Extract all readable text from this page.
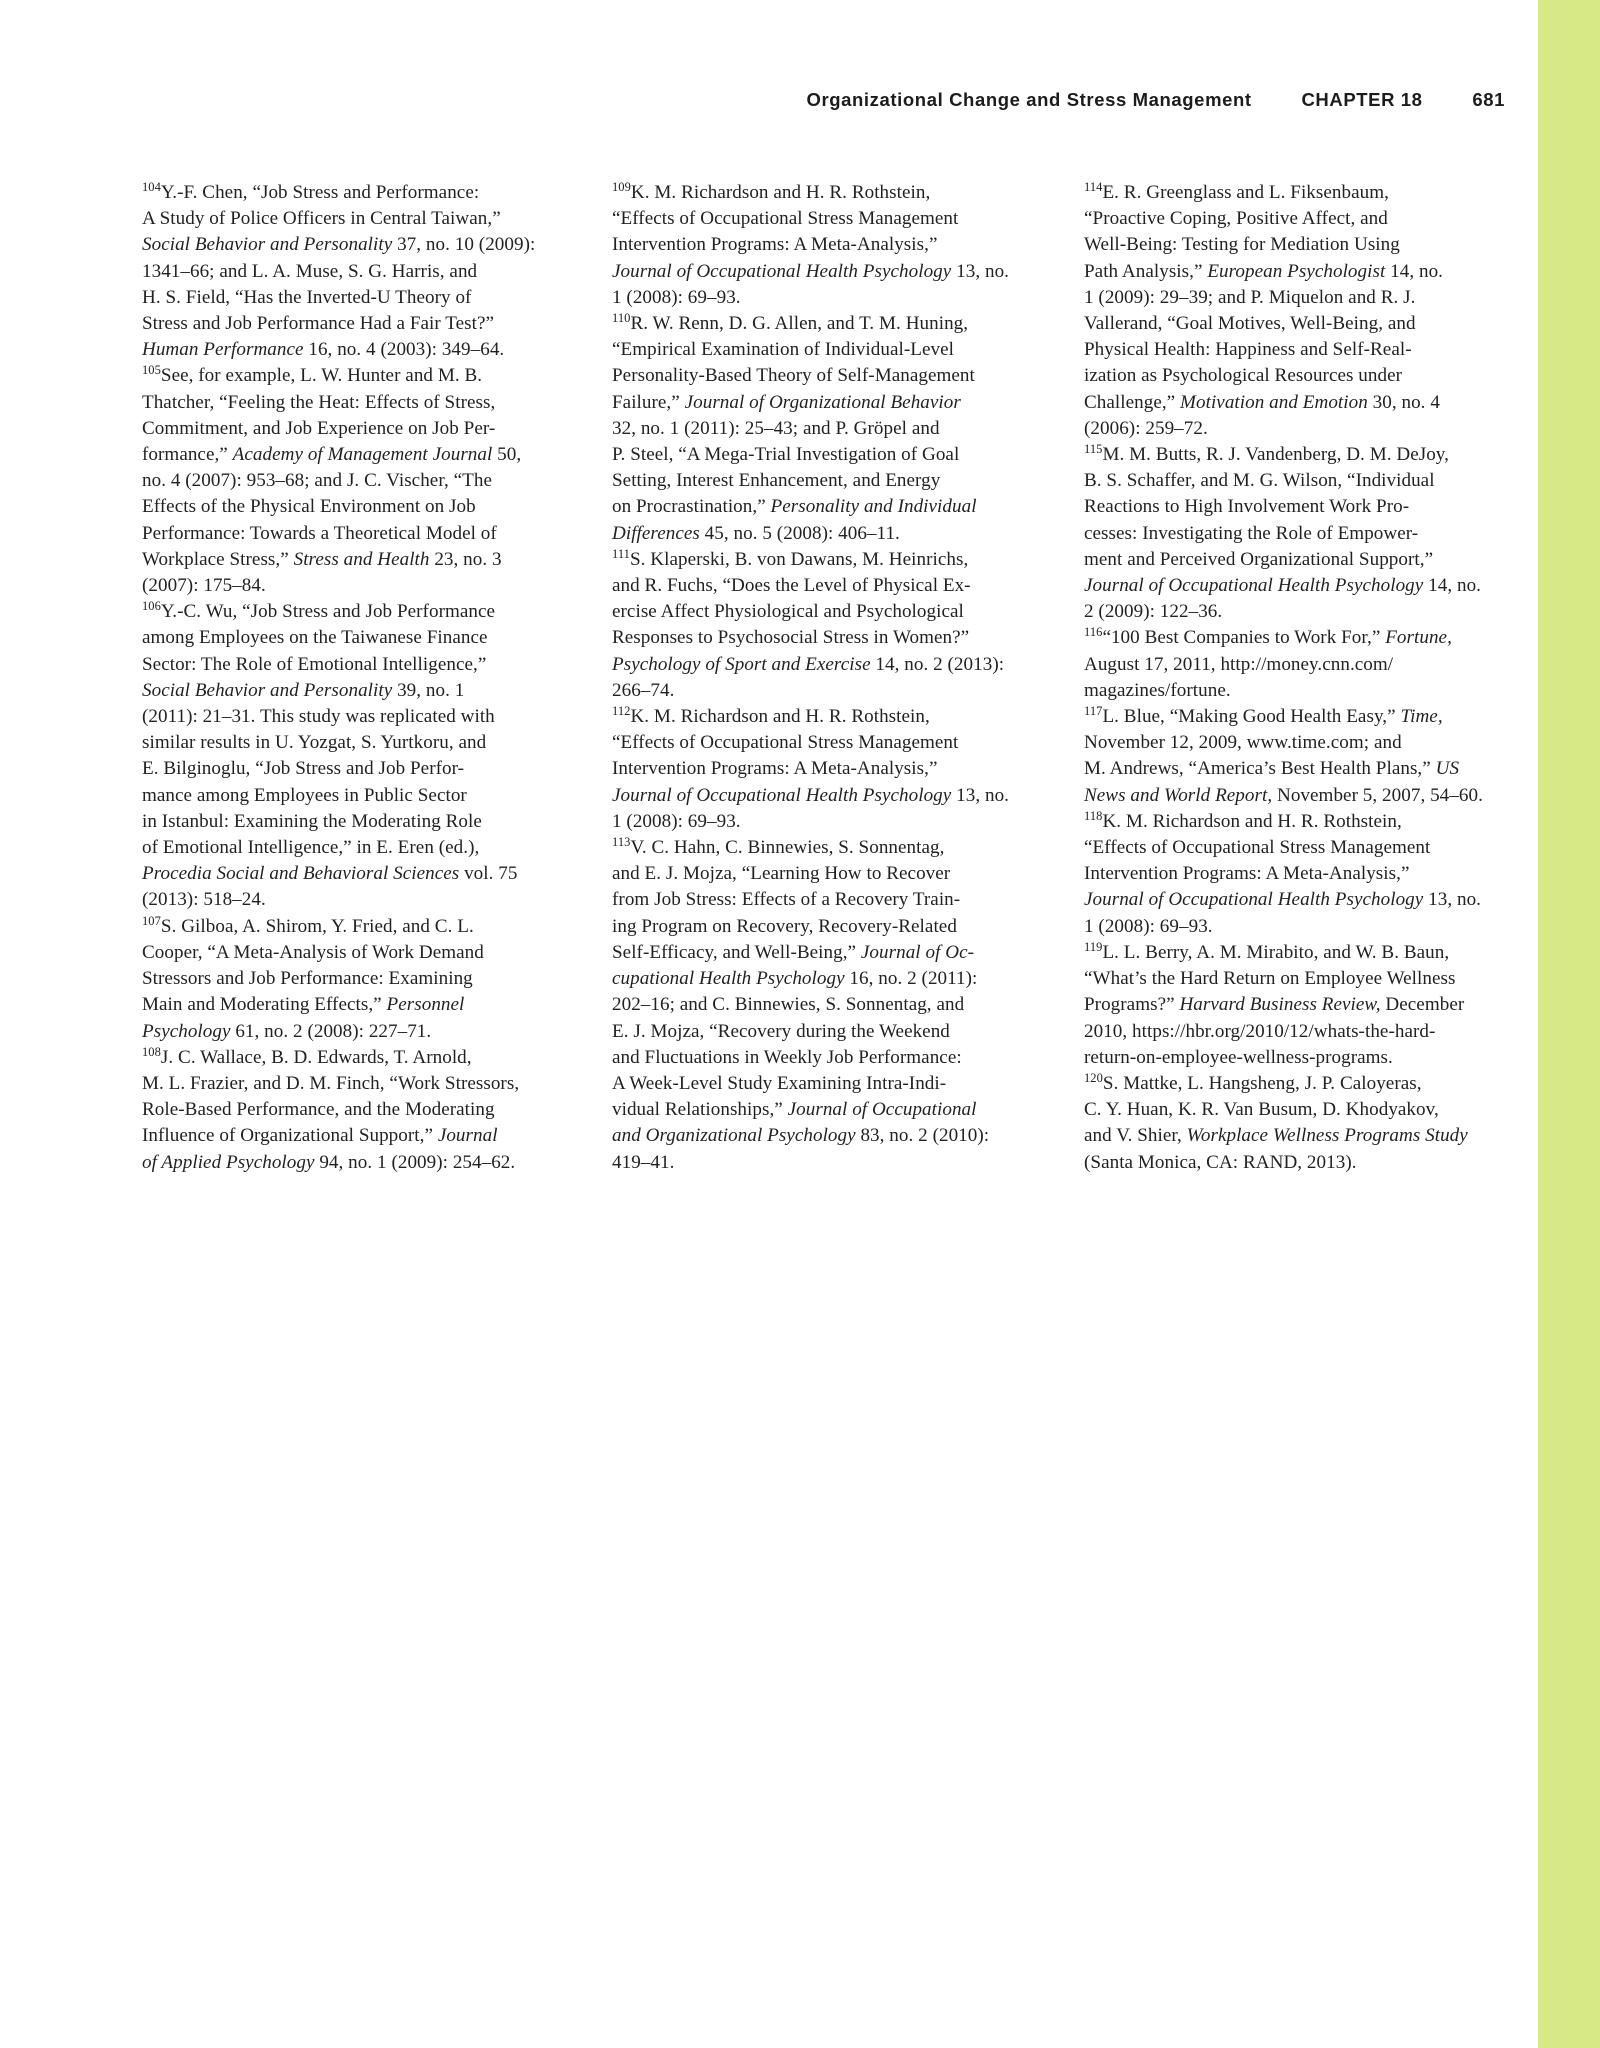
Organizational Change and Stress Management	CHAPTER 18	681
$^{104}$Y.-F. Chen, “Job Stress and Performance:
A Study of Police Officers in Central Taiwan,”
Social Behavior and Personality 37, no. 10 (2009):
1341–66; and L. A. Muse, S. G. Harris, and
H. S. Field, “Has the Inverted-U Theory of
Stress and Job Performance Had a Fair Test?”
Human Performance 16, no. 4 (2003): 349–64.
$^{105}$See, for example, L. W. Hunter and M. B.
Thatcher, “Feeling the Heat: Effects of Stress,
Commitment, and Job Experience on Job Per-
formance,” Academy of Management Journal 50,
no. 4 (2007): 953–68; and J. C. Vischer, “The
Effects of the Physical Environment on Job
Performance: Towards a Theoretical Model of
Workplace Stress,” Stress and Health 23, no. 3
(2007): 175–84.
$^{106}$Y.-C. Wu, “Job Stress and Job Performance
among Employees on the Taiwanese Finance
Sector: The Role of Emotional Intelligence,”
Social Behavior and Personality 39, no. 1
(2011): 21–31. This study was replicated with
similar results in U. Yozgat, S. Yurtkoru, and
E. Bilginoglu, “Job Stress and Job Perfor-
mance among Employees in Public Sector
in Istanbul: Examining the Moderating Role
of Emotional Intelligence,” in E. Eren (ed.),
Procedia Social and Behavioral Sciences vol. 75
(2013): 518–24.
$^{107}$S. Gilboa, A. Shirom, Y. Fried, and C. L.
Cooper, “A Meta-Analysis of Work Demand
Stressors and Job Performance: Examining
Main and Moderating Effects,” Personnel
Psychology 61, no. 2 (2008): 227–71.
$^{108}$J. C. Wallace, B. D. Edwards, T. Arnold,
M. L. Frazier, and D. M. Finch, “Work Stressors,
Role-Based Performance, and the Moderating
Influence of Organizational Support,” Journal
of Applied Psychology 94, no. 1 (2009): 254–62.
$^{109}$K. M. Richardson and H. R. Rothstein,
“Effects of Occupational Stress Management
Intervention Programs: A Meta-Analysis,”
Journal of Occupational Health Psychology 13, no.
1 (2008): 69–93.
$^{110}$R. W. Renn, D. G. Allen, and T. M. Huning,
“Empirical Examination of Individual-Level
Personality-Based Theory of Self-Management
Failure,” Journal of Organizational Behavior
32, no. 1 (2011): 25–43; and P. Gröpel and
P. Steel, “A Mega-Trial Investigation of Goal
Setting, Interest Enhancement, and Energy
on Procrastination,” Personality and Individual
Differences 45, no. 5 (2008): 406–11.
$^{111}$S. Klaperski, B. von Dawans, M. Heinrichs,
and R. Fuchs, “Does the Level of Physical Ex-
ercise Affect Physiological and Psychological
Responses to Psychosocial Stress in Women?”
Psychology of Sport and Exercise 14, no. 2 (2013):
266–74.
$^{112}$K. M. Richardson and H. R. Rothstein,
“Effects of Occupational Stress Management
Intervention Programs: A Meta-Analysis,”
Journal of Occupational Health Psychology 13, no.
1 (2008): 69–93.
$^{113}$V. C. Hahn, C. Binnewies, S. Sonnentag,
and E. J. Mojza, “Learning How to Recover
from Job Stress: Effects of a Recovery Train-
ing Program on Recovery, Recovery-Related
Self-Efficacy, and Well-Being,” Journal of Oc-
cupational Health Psychology 16, no. 2 (2011):
202–16; and C. Binnewies, S. Sonnentag, and
E. J. Mojza, “Recovery during the Weekend
and Fluctuations in Weekly Job Performance:
A Week-Level Study Examining Intra-Indi-
vidual Relationships,” Journal of Occupational
and Organizational Psychology 83, no. 2 (2010):
419–41.
$^{114}$E. R. Greenglass and L. Fiksenbaum,
“Proactive Coping, Positive Affect, and
Well-Being: Testing for Mediation Using
Path Analysis,” European Psychologist 14, no.
1 (2009): 29–39; and P. Miquelon and R. J.
Vallerand, “Goal Motives, Well-Being, and
Physical Health: Happiness and Self-Real-
ization as Psychological Resources under
Challenge,” Motivation and Emotion 30, no. 4
(2006): 259–72.
$^{115}$M. M. Butts, R. J. Vandenberg, D. M. DeJoy,
B. S. Schaffer, and M. G. Wilson, “Individual
Reactions to High Involvement Work Pro-
cesses: Investigating the Role of Empower-
ment and Perceived Organizational Support,”
Journal of Occupational Health Psychology 14, no.
2 (2009): 122–36.
$^{116}$“100 Best Companies to Work For,” Fortune,
August 17, 2011, http://money.cnn.com/
magazines/fortune.
$^{117}$L. Blue, “Making Good Health Easy,” Time,
November 12, 2009, www.time.com; and
M. Andrews, “America’s Best Health Plans,” US
News and World Report, November 5, 2007, 54–60.
$^{118}$K. M. Richardson and H. R. Rothstein,
“Effects of Occupational Stress Management
Intervention Programs: A Meta-Analysis,”
Journal of Occupational Health Psychology 13, no.
1 (2008): 69–93.
$^{119}$L. L. Berry, A. M. Mirabito, and W. B. Baun,
“What’s the Hard Return on Employee Wellness
Programs?” Harvard Business Review, December
2010, https://hbr.org/2010/12/whats-the-hard-
return-on-employee-wellness-programs.
$^{120}$S. Mattke, L. Hangsheng, J. P. Caloyeras,
C. Y. Huan, K. R. Van Busum, D. Khodyakov,
and V. Shier, Workplace Wellness Programs Study
(Santa Monica, CA: RAND, 2013).
